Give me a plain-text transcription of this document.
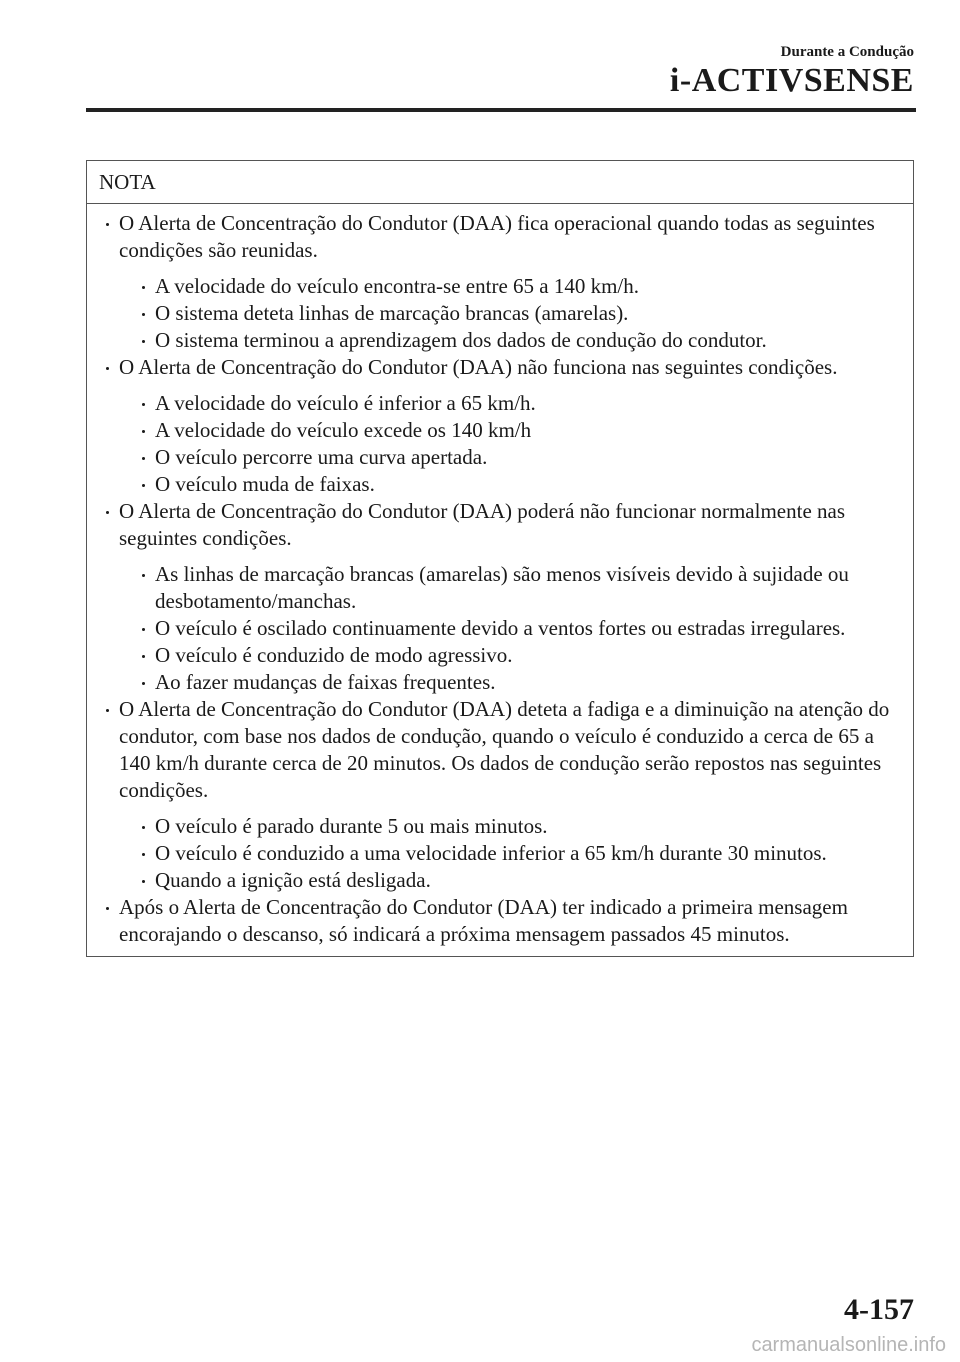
Durante a Condução
i-ACTIVSENSE
NOTA
O Alerta de Concentração do Condutor (DAA) fica operacional quando todas as seguintes condições são reunidas.
A velocidade do veículo encontra-se entre 65 a 140 km/h.
O sistema deteta linhas de marcação brancas (amarelas).
O sistema terminou a aprendizagem dos dados de condução do condutor.
O Alerta de Concentração do Condutor (DAA) não funciona nas seguintes condições.
A velocidade do veículo é inferior a 65 km/h.
A velocidade do veículo excede os 140 km/h
O veículo percorre uma curva apertada.
O veículo muda de faixas.
O Alerta de Concentração do Condutor (DAA) poderá não funcionar normalmente nas seguintes condições.
As linhas de marcação brancas (amarelas) são menos visíveis devido à sujidade ou desbotamento/manchas.
O veículo é oscilado continuamente devido a ventos fortes ou estradas irregulares.
O veículo é conduzido de modo agressivo.
Ao fazer mudanças de faixas frequentes.
O Alerta de Concentração do Condutor (DAA) deteta a fadiga e a diminuição na atenção do condutor, com base nos dados de condução, quando o veículo é conduzido a cerca de 65 a 140 km/h durante cerca de 20 minutos. Os dados de condução serão repostos nas seguintes condições.
O veículo é parado durante 5 ou mais minutos.
O veículo é conduzido a uma velocidade inferior a 65 km/h durante 30 minutos.
Quando a ignição está desligada.
Após o Alerta de Concentração do Condutor (DAA) ter indicado a primeira mensagem encorajando o descanso, só indicará a próxima mensagem passados 45 minutos.
4-157
carmanualsonline.info
